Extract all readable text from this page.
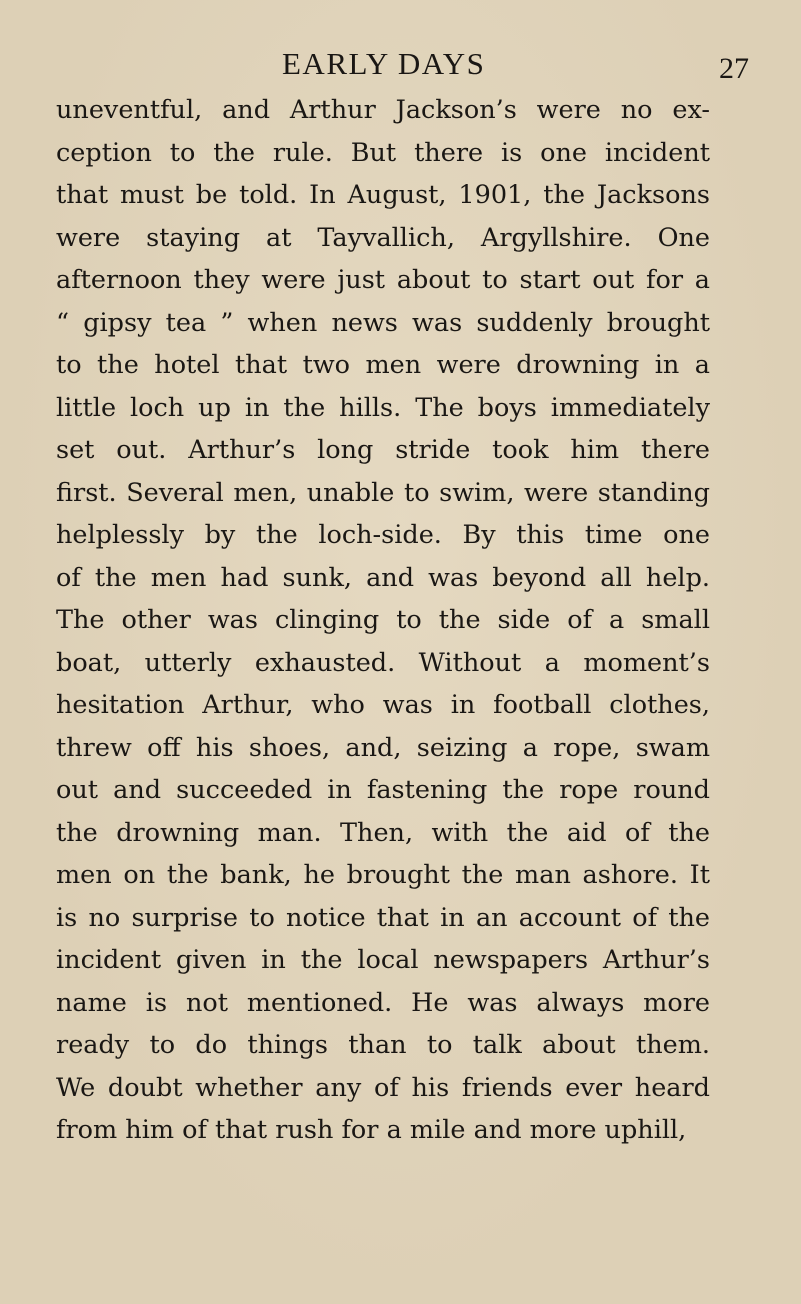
EARLY DAYS	27
uneventful, and Arthur Jackson’s were no ex-
ception to the rule. But there is one incident
that must be told. In August, 1901, the Jacksons
were staying at Tayvallich, Argyllshire. One
afternoon they were just about to start out for a
“ gipsy tea ” when news was suddenly brought
to the hotel that two men were drowning in a
little loch up in the hills. The boys immediately
set out. Arthur’s long stride took him there
first. Several men, unable to swim, were standing
helplessly by the loch-side. By this time one
of the men had sunk, and was beyond all help.
The other was clinging to the side of a small
boat, utterly exhausted. Without a moment’s
hesitation Arthur, who was in football clothes,
threw off his shoes, and, seizing a rope, swam
out and succeeded in fastening the rope round
the drowning man. Then, with the aid of the
men on the bank, he brought the man ashore. It
is no surprise to notice that in an account of the
incident given in the local newspapers Arthur’s
name is not mentioned. He was always more
ready to do things than to talk about them.
We doubt whether any of his friends ever heard
from him of that rush for a mile and more uphill,
